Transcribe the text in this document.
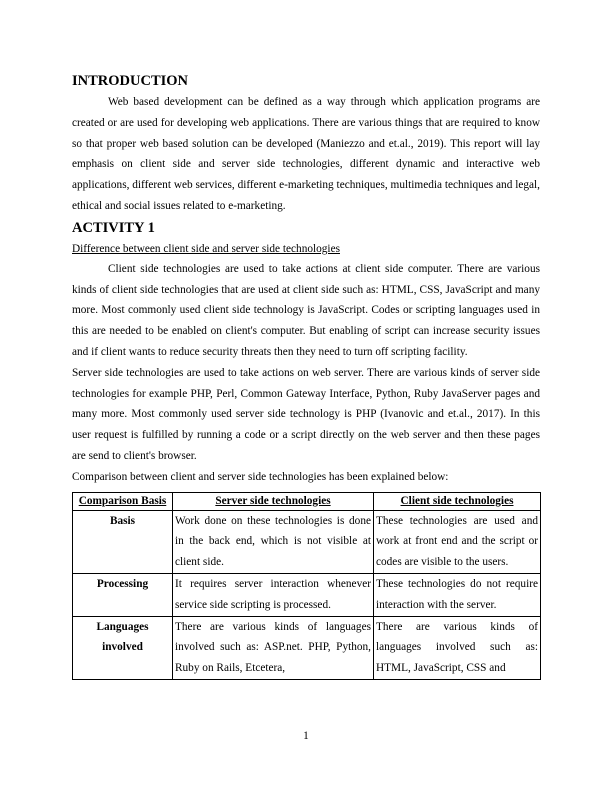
INTRODUCTION

Web based development can be defined as a way through which application programs are created or are used for developing web applications. There are various things that are required to know so that proper web based solution can be developed (Maniezzo and et.al., 2019). This report will lay emphasis on client side and server side technologies, different dynamic and interactive web applications, different web services, different e-marketing techniques, multimedia techniques and legal, ethical and social issues related to e-marketing.

ACTIVITY 1

Difference between client side and server side technologies

Client side technologies are used to take actions at client side computer. There are various kinds of client side technologies that are used at client side such as: HTML, CSS, JavaScript and many more. Most commonly used client side technology is JavaScript. Codes or scripting languages used in this are needed to be enabled on client's computer. But enabling of script can increase security issues and if client wants to reduce security threats then they need to turn off scripting facility.

Server side technologies are used to take actions on web server. There are various kinds of server side technologies for example PHP, Perl, Common Gateway Interface, Python, Ruby JavaServer pages and many more. Most commonly used server side technology is PHP (Ivanovic and et.al., 2017). In this user request is fulfilled by running a code or a script directly on the web server and then these pages are send to client's browser.

Comparison between client and server side technologies has been explained below:

Comparison Basis	Server side technologies	Client side technologies
Basis	Work done on these technologies is done in the back end, which is not visible at client side.	These technologies are used and work at front end and the script or codes are visible to the users.
Processing	It requires server interaction whenever service side scripting is processed.	These technologies do not require interaction with the server.
Languages involved	There are various kinds of languages involved such as: ASP.net. PHP, Python, Ruby on Rails, Etcetera,	There are various kinds of languages involved such as: HTML, JavaScript, CSS and
1
